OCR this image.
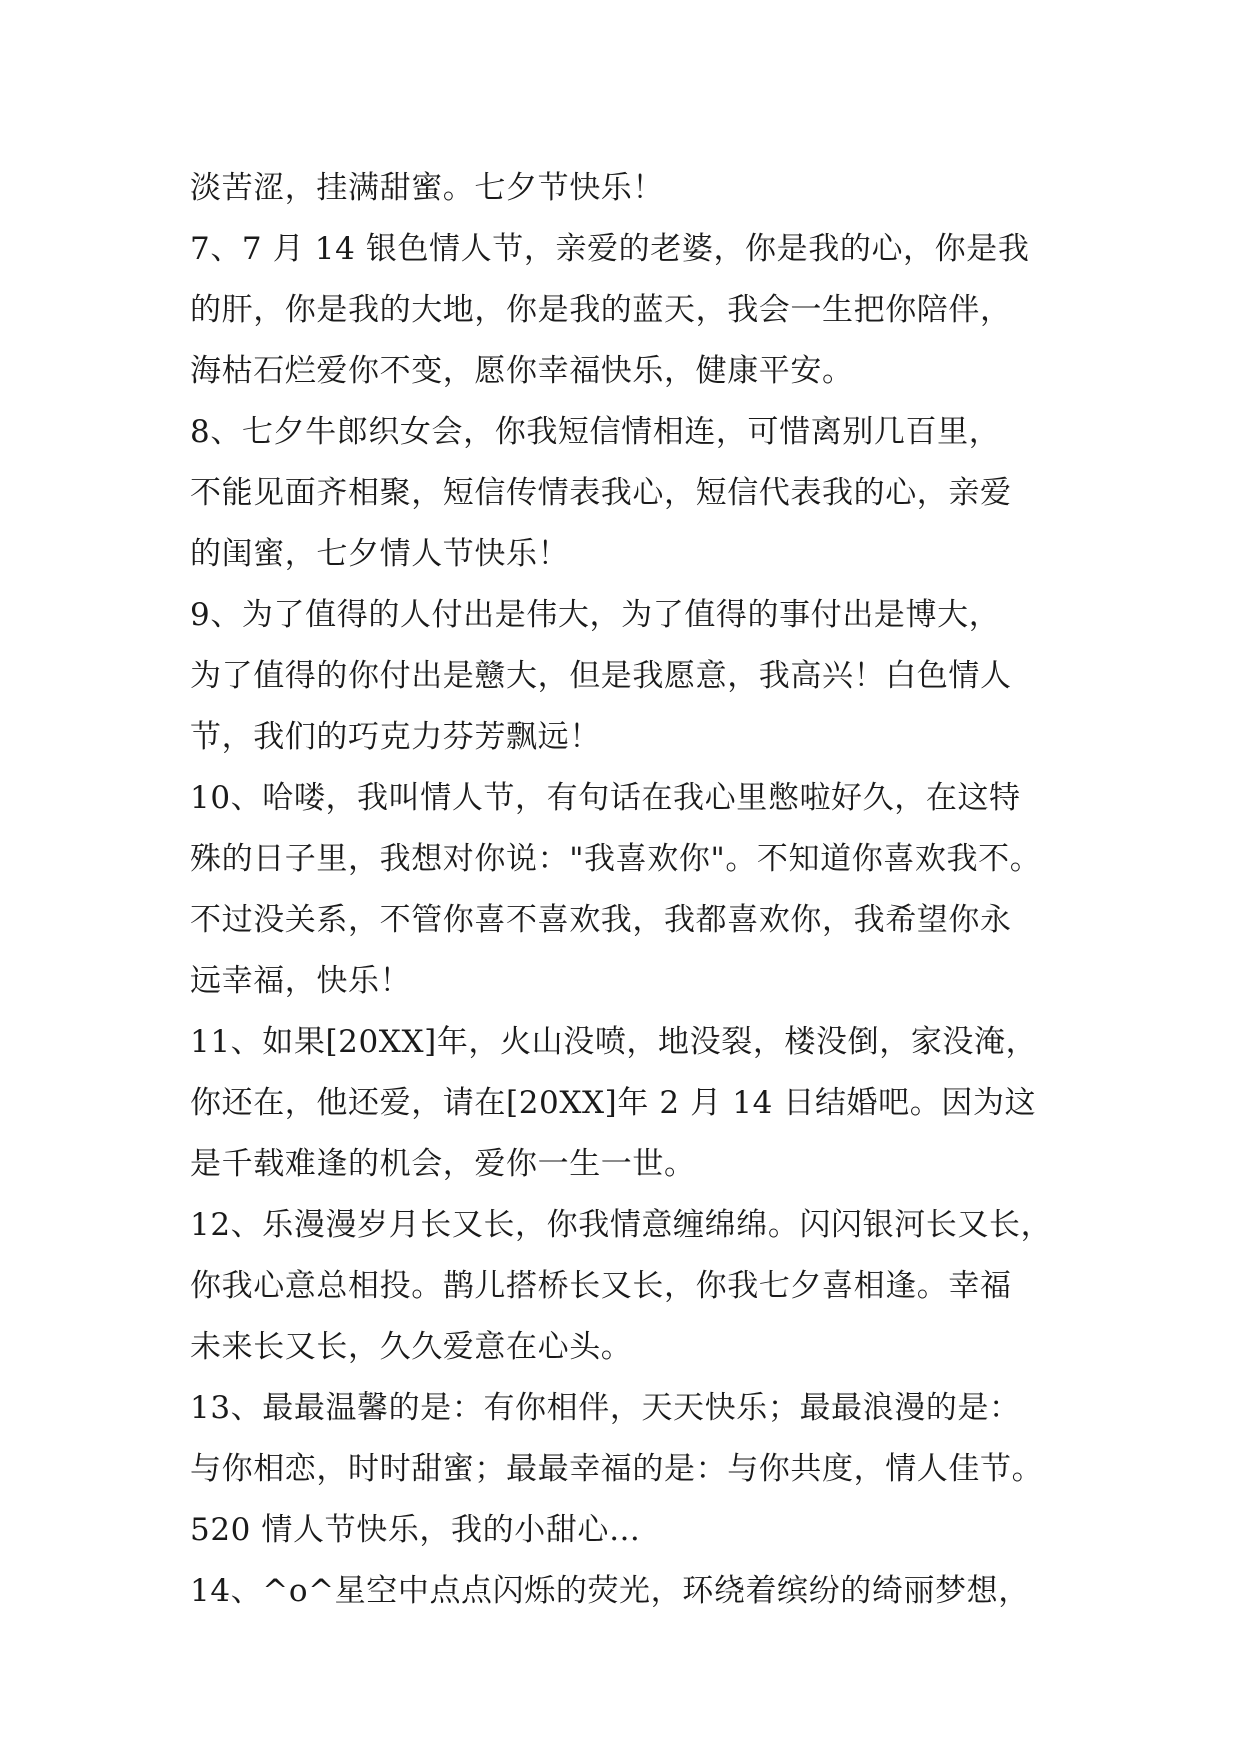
淡苦涩，挂满甜蜜。七夕节快乐！
7、7 月 14 银色情人节，亲爱的老婆，你是我的心，你是我
的肝，你是我的大地，你是我的蓝天，我会一生把你陪伴，
海枯石烂爱你不变，愿你幸福快乐，健康平安。
8、七夕牛郎织女会，你我短信情相连，可惜离别几百里，
不能见面齐相聚，短信传情表我心，短信代表我的心，亲爱
的闺蜜，七夕情人节快乐！
9、为了值得的人付出是伟大，为了值得的事付出是博大，
为了值得的你付出是戆大，但是我愿意，我高兴！白色情人
节，我们的巧克力芬芳飘远！
10、哈喽，我叫情人节，有句话在我心里憋啦好久，在这特
殊的日子里，我想对你说："我喜欢你"。不知道你喜欢我不。
不过没关系，不管你喜不喜欢我，我都喜欢你，我希望你永
远幸福，快乐！
11、如果[20XX]年，火山没喷，地没裂，楼没倒，家没淹，
你还在，他还爱，请在[20XX]年 2 月 14 日结婚吧。因为这
是千载难逢的机会，爱你一生一世。
12、乐漫漫岁月长又长，你我情意缠绵绵。闪闪银河长又长，
你我心意总相投。鹊儿搭桥长又长，你我七夕喜相逢。幸福
未来长又长，久久爱意在心头。
13、最最温馨的是：有你相伴，天天快乐；最最浪漫的是：
与你相恋，时时甜蜜；最最幸福的是：与你共度，情人佳节。
520 情人节快乐，我的小甜心…
14、^o^星空中点点闪烁的荧光，环绕着缤纷的绮丽梦想，
